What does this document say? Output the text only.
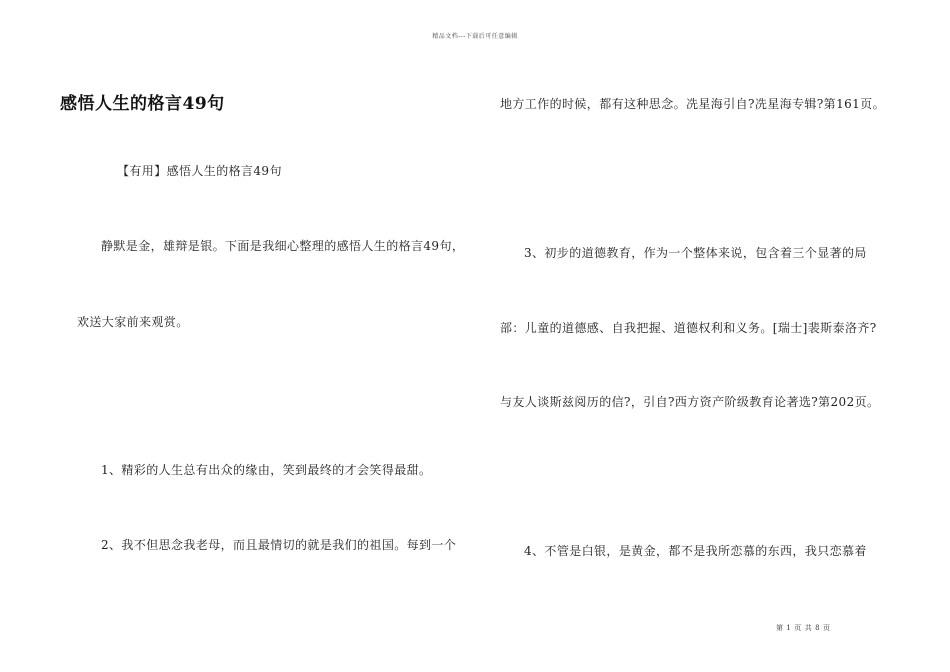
精品文档---下载后可任意编辑
感悟人生的格言49句
【有用】感悟人生的格言49句
静默是金，雄辩是银。下面是我细心整理的感悟人生的格言49句，
欢送大家前来观赏。
1、精彩的人生总有出众的缘由，笑到最终的才会笑得最甜。
2、我不但思念我老母，而且最情切的就是我们的祖国。每到一个
地方工作的时候，都有这种思念。冼星海引自?冼星海专辑?第161页。
3、初步的道德教育，作为一个整体来说，包含着三个显著的局
部：儿童的道德感、自我把握、道德权利和义务。[瑞士]裴斯泰洛齐?
与友人谈斯兹阅历的信?，引自?西方资产阶级教育论著选?第202页。
4、不管是白银，是黄金，都不是我所恋慕的东西，我只恋慕着
第 1 页 共 8 页
